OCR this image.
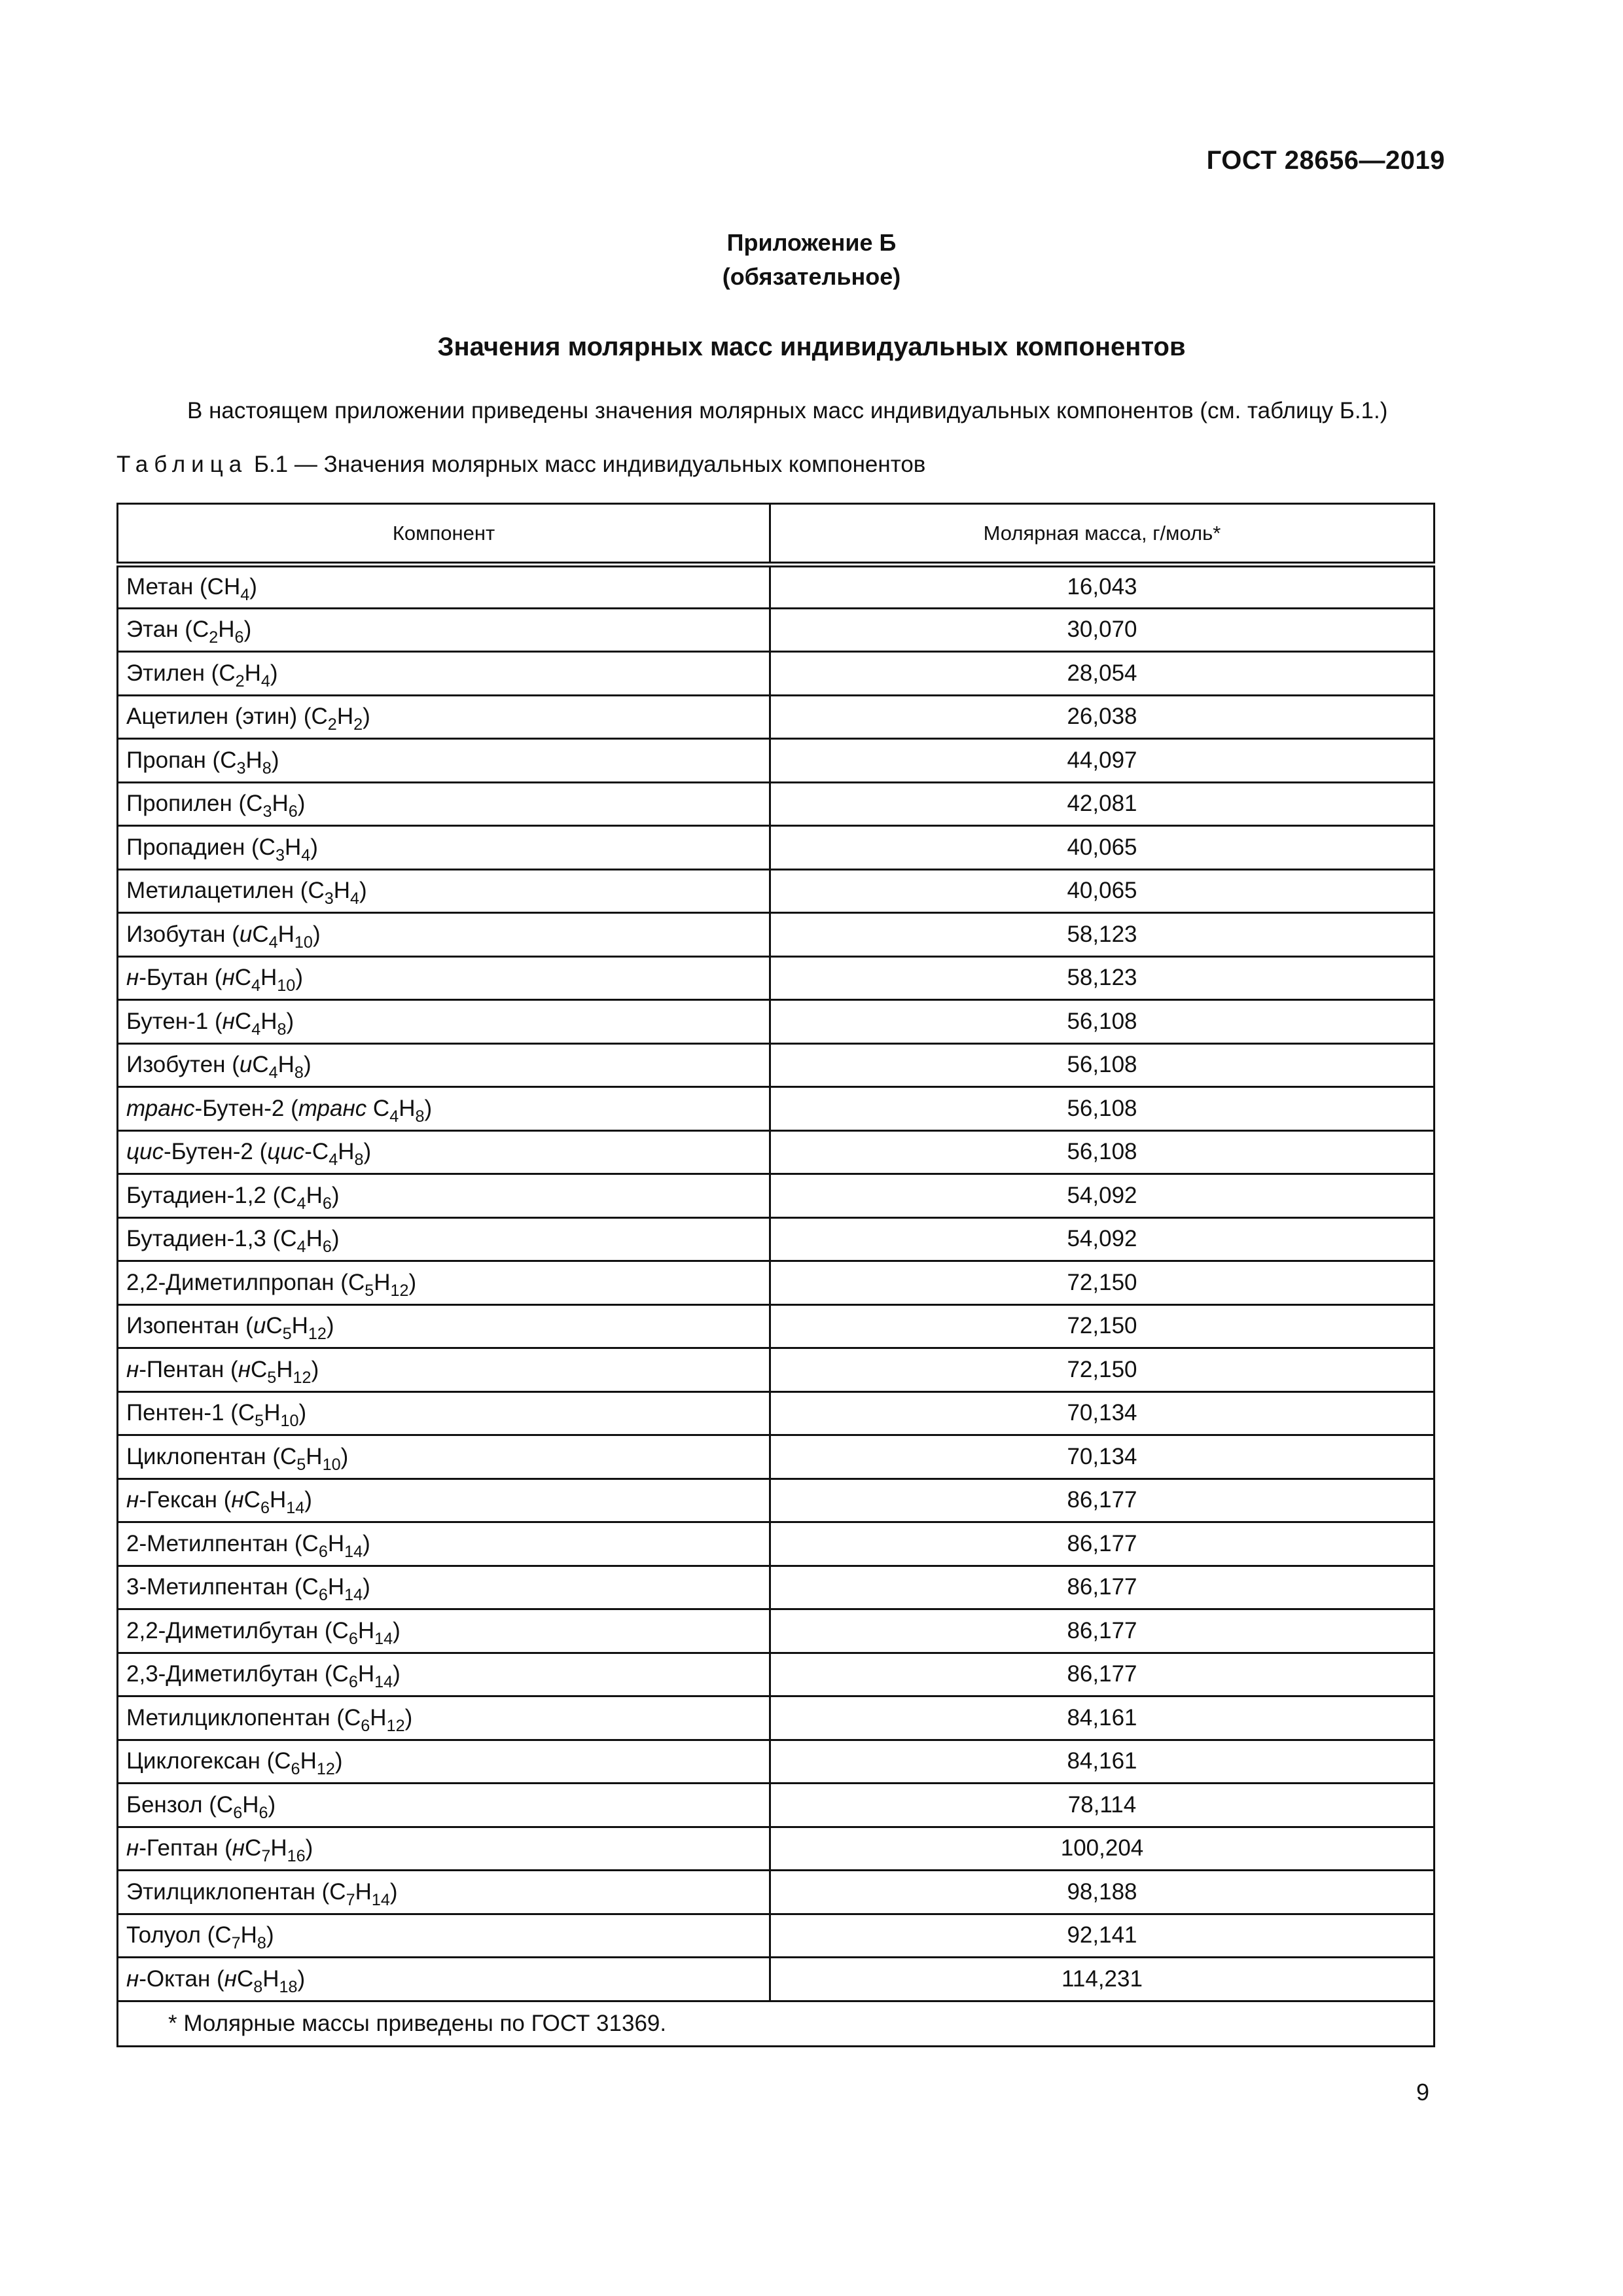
ГОСТ 28656—2019
Приложение Б
(обязательное)
Значения молярных масс индивидуальных компонентов
В настоящем приложении приведены значения молярных масс индивидуальных компонентов (см. таблицу Б.1.)
Таблица Б.1 — Значения молярных масс индивидуальных компонентов
Компонент	Молярная масса, г/моль*
Метан $(CH_4)$	16,043
Этан $(C_2H_6)$	30,070
Этилен $(C_2H_4)$	28,054
Ацетилен (этин) $(C_2H_2)$	26,038
Пропан $(C_3H_8)$	44,097
Пропилен $(C_3H_6)$	42,081
Пропадиен $(C_3H_4)$	40,065
Метилацетилен $(C_3H_4)$	40,065
Изобутан $(иC_4H_{10})$	58,123
н-Бутан $(нC_4H_{10})$	58,123
Бутен-1 $(нC_4H_8)$	56,108
Изобутен $(иC_4H_8)$	56,108
транс-Бутен-2 (транс $C_4H_8$)	56,108
цис-Бутен-2 $(цис-C_4H_8)$	56,108
Бутадиен-1,2 $(C_4H_6)$	54,092
Бутадиен-1,3 $(C_4H_6)$	54,092
2,2-Диметилпропан $(C_5H_{12})$	72,150
Изопентан $(иC_5H_{12})$	72,150
н-Пентан $(нC_5H_{12})$	72,150
Пентен-1 $(C_5H_{10})$	70,134
Циклопентан $(C_5H_{10})$	70,134
н-Гексан $(нC_6H_{14})$	86,177
2-Метилпентан $(C_6H_{14})$	86,177
3-Метилпентан $(C_6H_{14})$	86,177
2,2-Диметилбутан $(C_6H_{14})$	86,177
2,3-Диметилбутан $(C_6H_{14})$	86,177
Метилциклопентан $(C_6H_{12})$	84,161
Циклогексан $(C_6H_{12})$	84,161
Бензол $(C_6H_6)$	78,114
н-Гептан $(нC_7H_{16})$	100,204
Этилциклопентан $(C_7H_{14})$	98,188
Толуол $(C_7H_8)$	92,141
н-Октан $(нC_8H_{18})$	114,231
* Молярные массы приведены по ГОСТ 31369.	
9
